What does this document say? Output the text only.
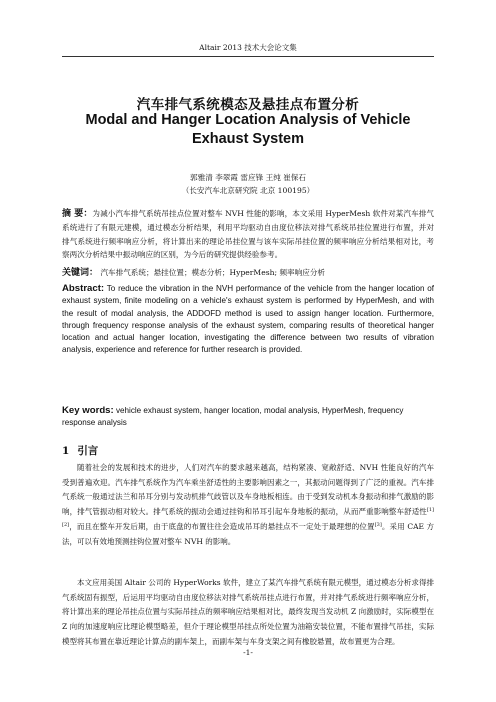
Altair 2013 技术大会论文集
汽车排气系统模态及悬挂点布置分析
Modal and Hanger Location Analysis of Vehicle
Exhaust System
郭雅清 李翠霞 雷应锋 王纯 崔保石
（长安汽车北京研究院 北京 100195）
摘 要：为减小汽车排气系统吊挂点位置对整车 NVH 性能的影响，本文采用 HyperMesh 软件对某汽车排气系统进行了有限元建模，通过模态分析结果，利用平均驱动自由度位移法对排气系统吊挂位置进行布置，并对排气系统进行频率响应分析，将计算出来的理论吊挂位置与该车实际吊挂位置的频率响应分析结果相对比，考察两次分析结果中振动响应的区别，为今后的研究提供经验参考。
关键词： 汽车排气系统；悬挂位置；模态分析；HyperMesh; 频率响应分析
Abstract: To reduce the vibration in the NVH performance of the vehicle from the hanger location of exhaust system, finite modeling on a vehicle's exhaust system is performed by HyperMesh, and with the result of modal analysis, the ADDOFD method is used to assign hanger location. Furthermore, through frequency response analysis of the exhaust system, comparing results of theoretical hanger location and actual hanger location, investigating the difference between two results of vibration analysis, experience and reference for further research is provided.
Key words: vehicle exhaust system, hanger location, modal analysis, HyperMesh, frequency response analysis
1 引言
随着社会的发展和技术的进步，人们对汽车的要求越来越高，结构紧凑、宽敞舒适、NVH 性能良好的汽车受到普遍欢迎。汽车排气系统作为汽车乘坐舒适性的主要影响因素之一，其振动问题得到了广泛的重视。汽车排气系统一般通过法兰和吊耳分别与发动机排气歧管以及车身地板相连。由于受到发动机本身振动和排气激励的影响，排气管振动相对较大。排气系统的振动会通过挂钩和吊耳引起车身地板的振动，从而严重影响整车舒适性[1][2]，而且在整车开发后期，由于底盘的布置往往会造成吊耳的悬挂点不一定处于最理想的位置[3]。采用 CAE 方法，可以有效地预测挂钩位置对整车 NVH 的影响。
本文应用美国 Altair 公司的 HyperWorks 软件，建立了某汽车排气系统有限元模型，通过模态分析求得排气系统固有振型，后运用平均驱动自由度位移法对排气系统吊挂点进行布置，并对排气系统进行频率响应分析，将计算出来的理论吊挂点位置与实际吊挂点的频率响应结果相对比，最终发现当发动机 Z 向激励时，实际模型在 Z 向的加速度响应比理论模型略差，但介于理论模型吊挂点所处位置为油箱安装位置，不能布置排气吊挂，实际模型将其布置在靠近理论计算点的副车架上，而副车架与车身支架之间有橡胶悬置，故布置更为合理。
-1-
